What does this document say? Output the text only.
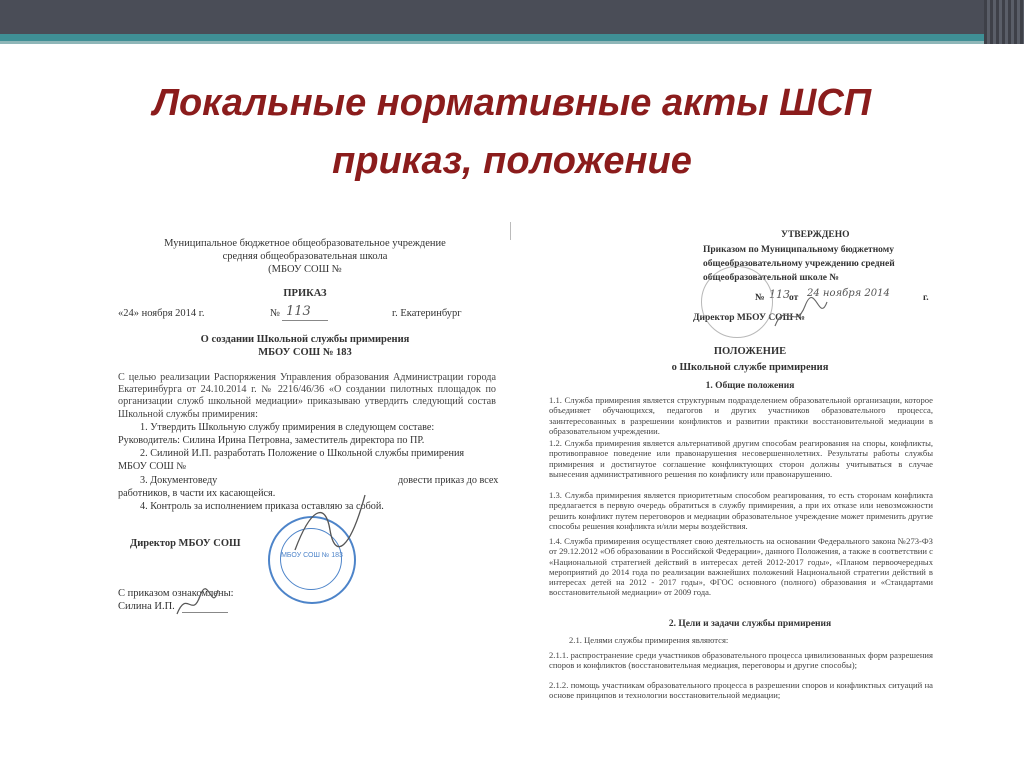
Локальные нормативные акты ШСП
приказ, положение
Муниципальное бюджетное общеобразовательное учреждение
средняя общеобразовательная школа
(МБОУ СОШ №
ПРИКАЗ
«24» ноября 2014 г.	№ 113	г. Екатеринбург
О создании Школьной службы примирения
МБОУ СОШ № 183
С целью реализации Распоряжения Управления образования Администрации города Екатеринбурга от 24.10.2014 г. № 2216/46/36 «О создании пилотных площадок по организации служб школьной медиации» приказываю утвердить следующий состав Школьной службы примирения:
1. Утвердить Школьную службу примирения в следующем составе:
Руководитель: Силина Ирина Петровна, заместитель директора по ПР.
2. Силиной И.П. разработать Положение о Школьной службы примирения
МБОУ СОШ №
3. Документоведу	довести приказ до всех
работников, в части их касающейся.
4. Контроль за исполнением приказа оставляю за собой.
Директор МБОУ СОШ
МБОУ СОШ № 183
С приказом ознакомлены:
Силина И.П.
УТВЕРЖДЕНО
Приказом по Муниципальному бюджетному
общеобразовательному учреждению средней
общеобразовательной школе №
№ 113 от 24 ноября 2014	г.
Директор МБОУ СОШ №
ПОЛОЖЕНИЕ
о Школьной службе примирения
1. Общие положения
1.1. Служба примирения является структурным подразделением образовательной организации, которое объединяет обучающихся, педагогов и других участников образовательного процесса, заинтересованных в разрешении конфликтов и развитии практики восстановительной медиации в образовательном учреждении.
1.2. Служба примирения является альтернативой другим способам реагирования на споры, конфликты, противоправное поведение или правонарушения несовершеннолетних. Результаты работы службы примирения и достигнутое соглашение конфликтующих сторон должны учитываться в случае вынесения административного решения по конфликту или правонарушению.
1.3. Служба примирения является приоритетным способом реагирования, то есть сторонам конфликта предлагается в первую очередь обратиться в службу примирения, а при их отказе или невозможности решить конфликт путем переговоров и медиации образовательное учреждение может применить другие способы решения конфликта и/или меры воздействия.
1.4. Служба примирения осуществляет свою деятельность на основании Федерального закона №273-ФЗ от 29.12.2012 «Об образовании в Российской Федерации», данного Положения, а также в соответствии с «Национальной стратегией действий в интересах детей 2012-2017 годы», «Планом первоочередных мероприятий до 2014 года по реализации важнейших положений Национальной стратегии действий в интересах детей на 2012 - 2017 годы», ФГОС основного (полного) образования и «Стандартами восстановительной медиации» от 2009 года.
2. Цели и задачи службы примирения
2.1. Целями службы примирения являются:
2.1.1. распространение среди участников образовательного процесса цивилизованных форм разрешения споров и конфликтов (восстановительная медиация, переговоры и другие способы);
2.1.2. помощь участникам образовательного процесса в разрешении споров и конфликтных ситуаций на основе принципов и технологии восстановительной медиации;
